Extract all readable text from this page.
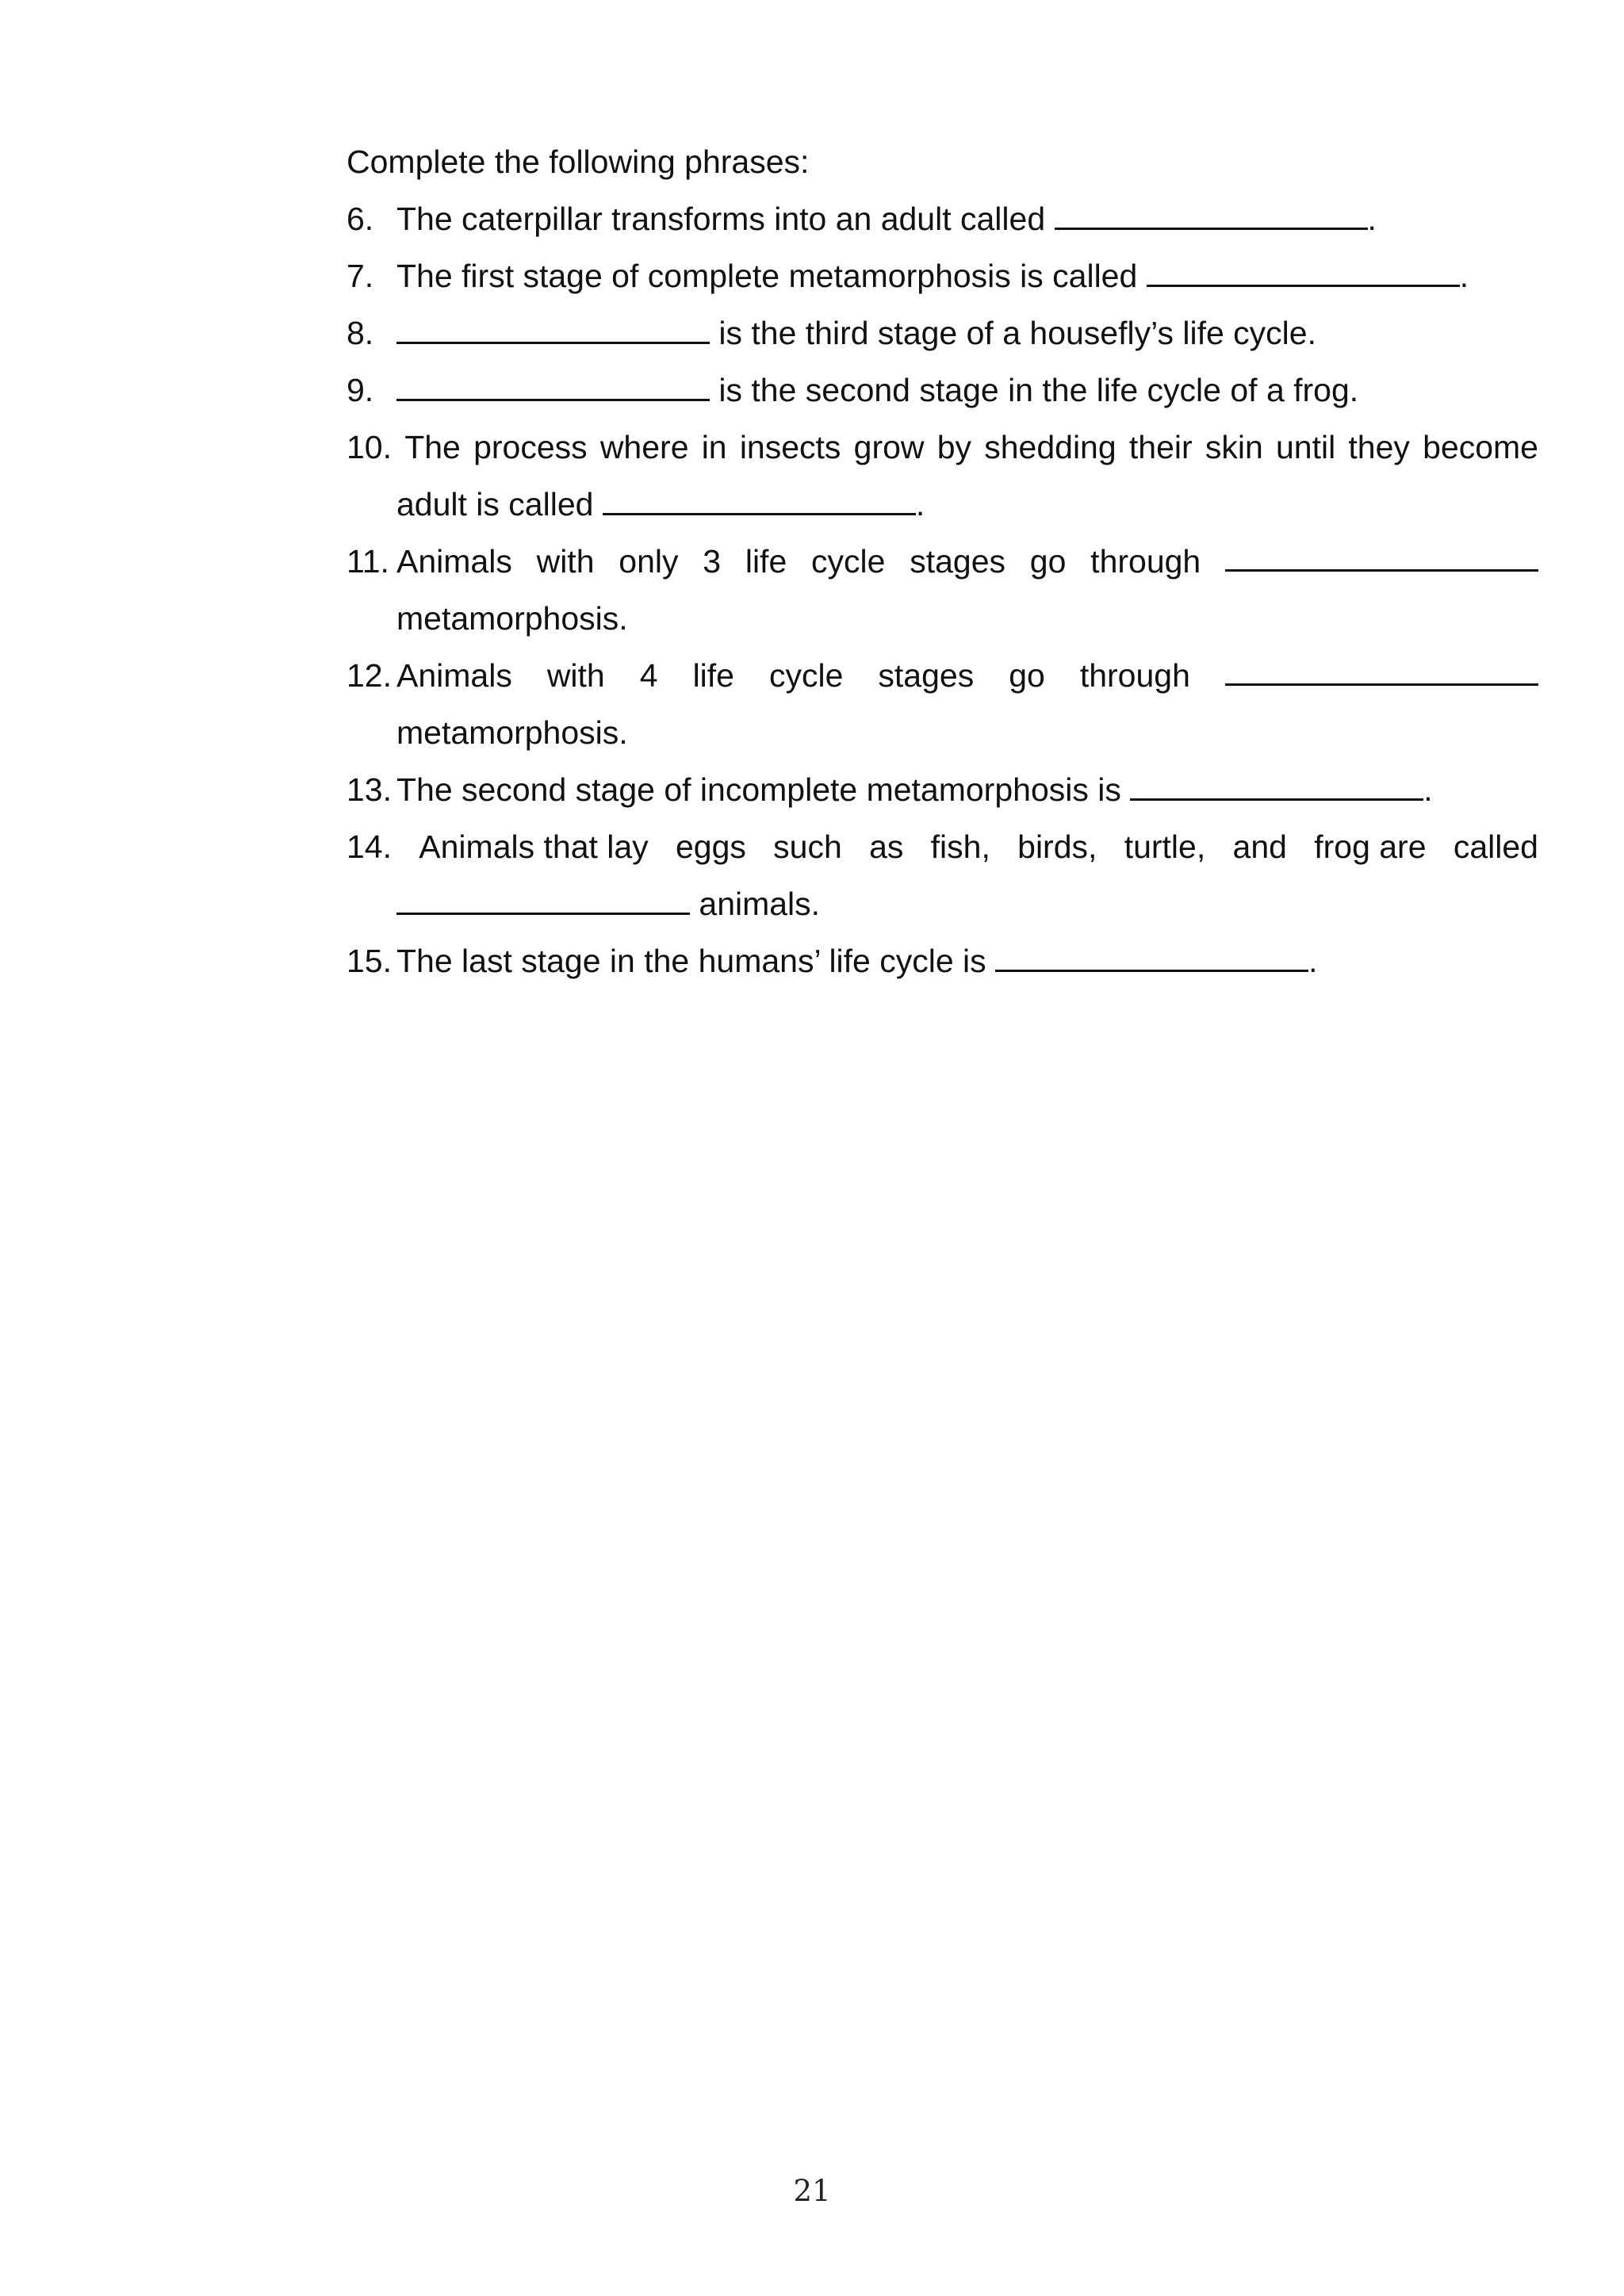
Complete the following phrases:
6. The caterpillar transforms into an adult called	.
7. The first stage of complete metamorphosis is called	.
8.	is the third stage of a housefly’s life cycle.
9.	is the second stage in the life cycle of a frog.
10. The process where in insects grow by shedding their skin until they become
adult is called	.
11. Animals with only 3 life cycle stages go through
metamorphosis.
12. Animals with 4 life cycle stages go through
metamorphosis.
13. The second stage of incomplete metamorphosis is	.
14. Animals that lay eggs such as fish, birds, turtle, and frog are called
animals.
15. The last stage in the humans’ life cycle is	.
21
